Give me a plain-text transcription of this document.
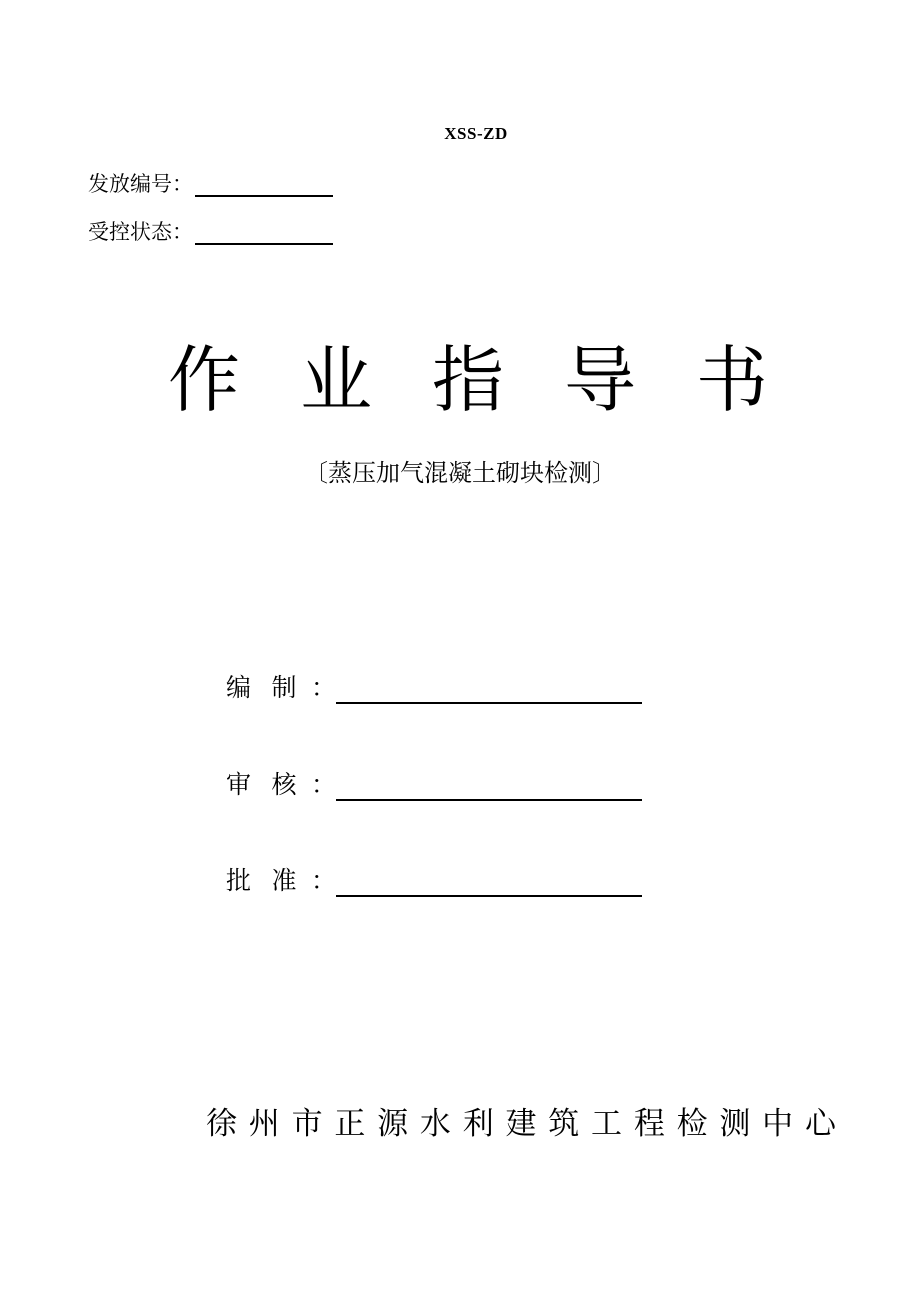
XSS-ZD
发放编号：
受控状态：
作 业 指 导 书
〔蒸压加气混凝土砌块检测〕
编 制 ：
审 核 ：
批 准 ：
徐 州 市 正 源 水 利 建 筑 工 程 检 测 中 心
